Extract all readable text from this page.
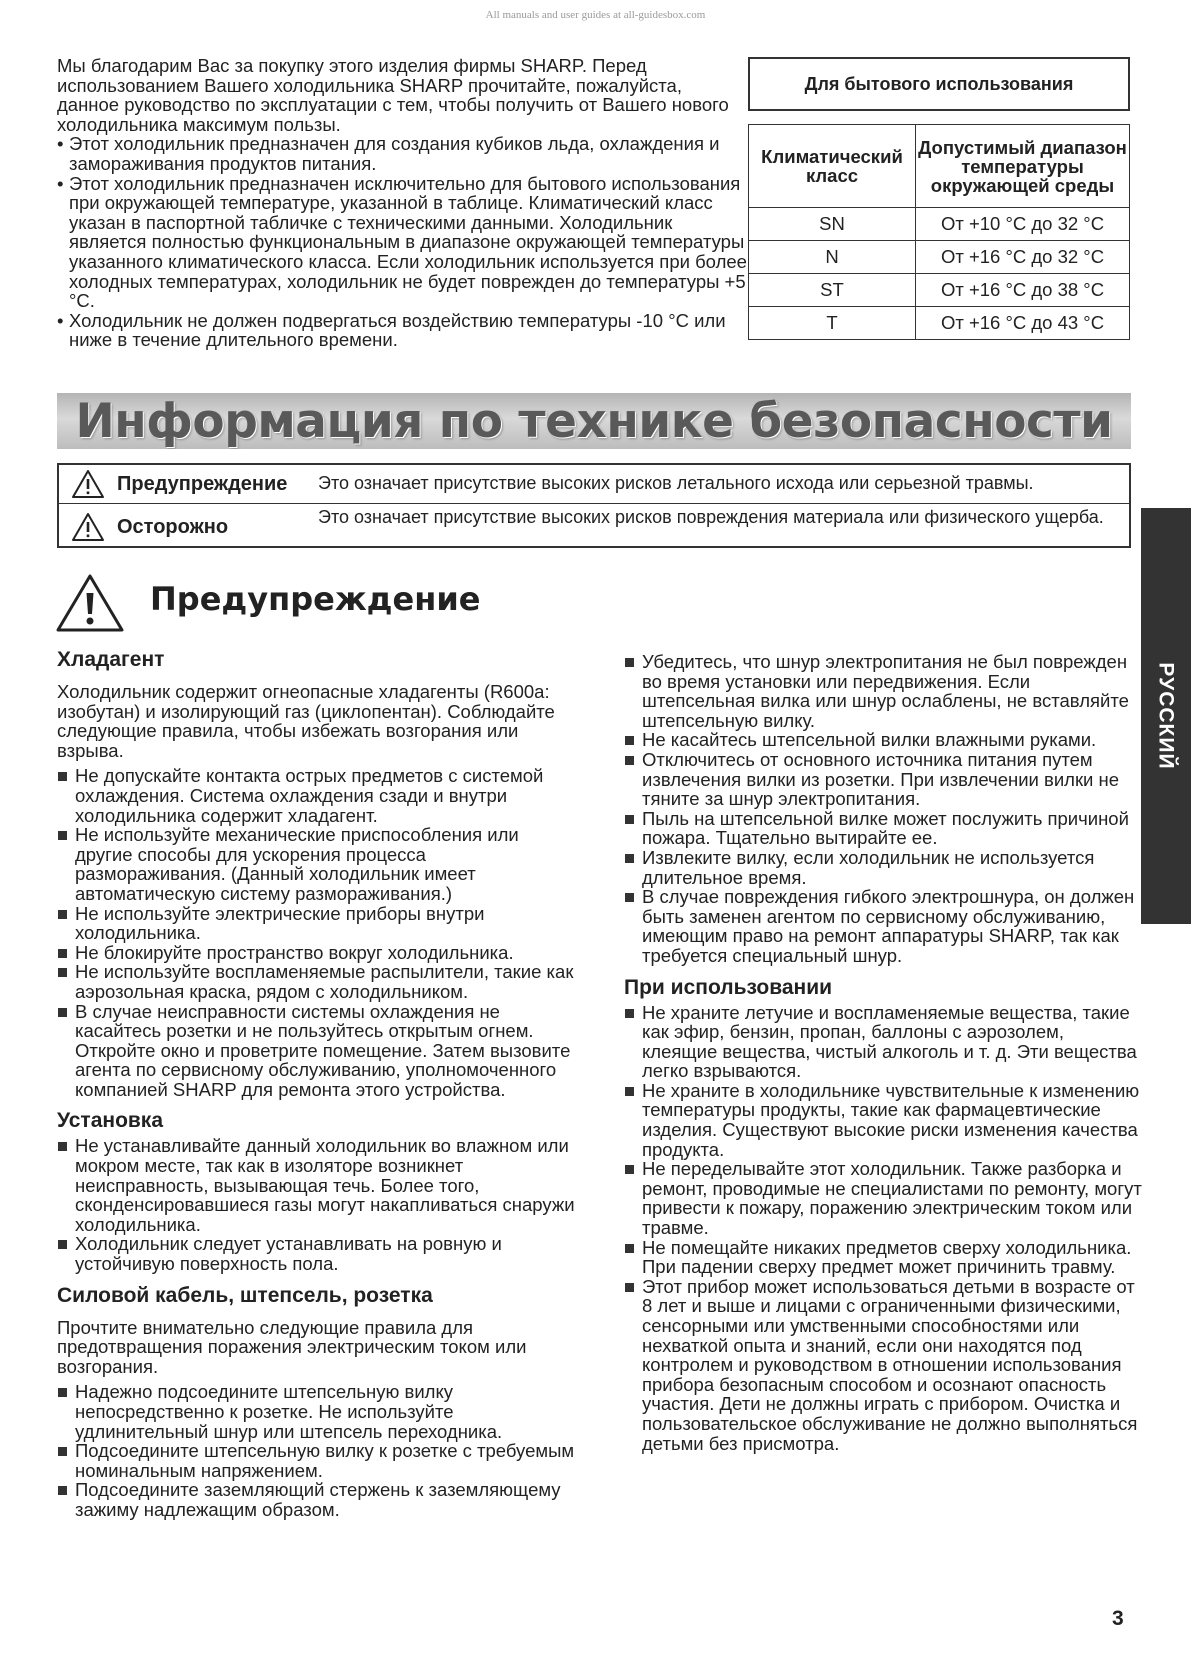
All manuals and user guides at all-guidesbox.com

Мы благодарим Вас за покупку этого изделия фирмы SHARP. Перед использованием Вашего холодильника SHARP прочитайте, пожалуйста, данное руководство по эксплуатации с тем, чтобы получить от Вашего нового холодильника максимум пользы.

• Этот холодильник предназначен для создания кубиков льда, охлаждения и замораживания продуктов питания.
• Этот холодильник предназначен исключительно для бытового использования при окружающей температуре, указанной в таблице. Климатический класс указан в паспортной табличке с техническими данными. Холодильник является полностью функциональным в диапазоне окружающей температуры указанного климатического класса. Если холодильник используется при более холодных температурах, холодильник не будет поврежден до температуры +5 °C.
• Холодильник не должен подвергаться воздействию температуры -10 °C или ниже в течение длительного времени.
Для бытового использования
Климатический класс	Допустимый диапазон температуры окружающей среды
SN	От +10 °C до 32 °C
N	От +16 °C до 32 °C
ST	От +16 °C до 38 °C
T	От +16 °C до 43 °C
Информация по технике безопасности
Предупреждение Это означает присутствие высоких рисков летального исхода или серьезной травмы.
Осторожно	Это означает присутствие высоких рисков повреждения материала или физического ущерба.
Предупреждение
Хладагент

Холодильник содержит огнеопасные хладагенты (R600a: изобутан) и изолирующий газ (циклопентан). Соблюдайте следующие правила, чтобы избежать возгорания или взрыва.

Не допускайте контакта острых предметов с системой охлаждения. Система охлаждения сзади и внутри холодильника содержит хладагент.
Не используйте механические приспособления или другие способы для ускорения процесса размораживания. (Данный холодильник имеет автоматическую систему размораживания.)
Не используйте электрические приборы внутри холодильника.
Не блокируйте пространство вокруг холодильника.
Не используйте воспламеняемые распылители, такие как аэрозольная краска, рядом с холодильником.
В случае неисправности системы охлаждения не касайтесь розетки и не пользуйтесь открытым огнем. Откройте окно и проветрите помещение. Затем вызовите агента по сервисному обслуживанию, уполномоченного компанией SHARP для ремонта этого устройства.
Установка
Не устанавливайте данный холодильник во влажном или мокром месте, так как в изоляторе возникнет неисправность, вызывающая течь. Более того, сконденсировавшиеся газы могут накапливаться снаружи холодильника.
Холодильник следует устанавливать на ровную и устойчивую поверхность пола.
Силовой кабель, штепсель, розетка

Прочтите внимательно следующие правила для предотвращения поражения электрическим током или возгорания.

Надежно подсоедините штепсельную вилку непосредственно к розетке. Не используйте удлинительный шнур или штепсель переходника.
Подсоедините штепсельную вилку к розетке с требуемым номинальным напряжением.
Подсоедините заземляющий стержень к заземляющему зажиму надлежащим образом.
Убедитесь, что шнур электропитания не был поврежден во время установки или передвижения. Если штепсельная вилка или шнур ослаблены, не вставляйте штепсельную вилку.
Не касайтесь штепсельной вилки влажными руками.
Отключитесь от основного источника питания путем извлечения вилки из розетки. При извлечении вилки не тяните за шнур электропитания.
Пыль на штепсельной вилке может послужить причиной пожара. Тщательно вытирайте ее.
Извлеките вилку, если холодильник не используется длительное время.
В случае повреждения гибкого электрошнура, он должен быть заменен агентом по сервисному обслуживанию, имеющим право на ремонт аппаратуры SHARP, так как требуется специальный шнур.
При использовании
Не храните летучие и воспламеняемые вещества, такие как эфир, бензин, пропан, баллоны с аэрозолем, клеящие вещества, чистый алкоголь и т. д. Эти вещества легко взрываются.
Не храните в холодильнике чувствительные к изменению температуры продукты, такие как фармацевтические изделия. Существуют высокие риски изменения качества продукта.
Не переделывайте этот холодильник. Также разборка и ремонт, проводимые не специалистами по ремонту, могут привести к пожару, поражению электрическим током или травме.
Не помещайте никаких предметов сверху холодильника. При падении сверху предмет может причинить травму.
Этот прибор может использоваться детьми в возрасте от 8 лет и выше и лицами с ограниченными физическими, сенсорными или умственными способностями или нехваткой опыта и знаний, если они находятся под контролем и руководством в отношении использования прибора безопасным способом и осознают опасность участия. Дети не должны играть с прибором. Очистка и пользовательское обслуживание не должно выполняться детьми без присмотра.
РУССКИЙ
3
